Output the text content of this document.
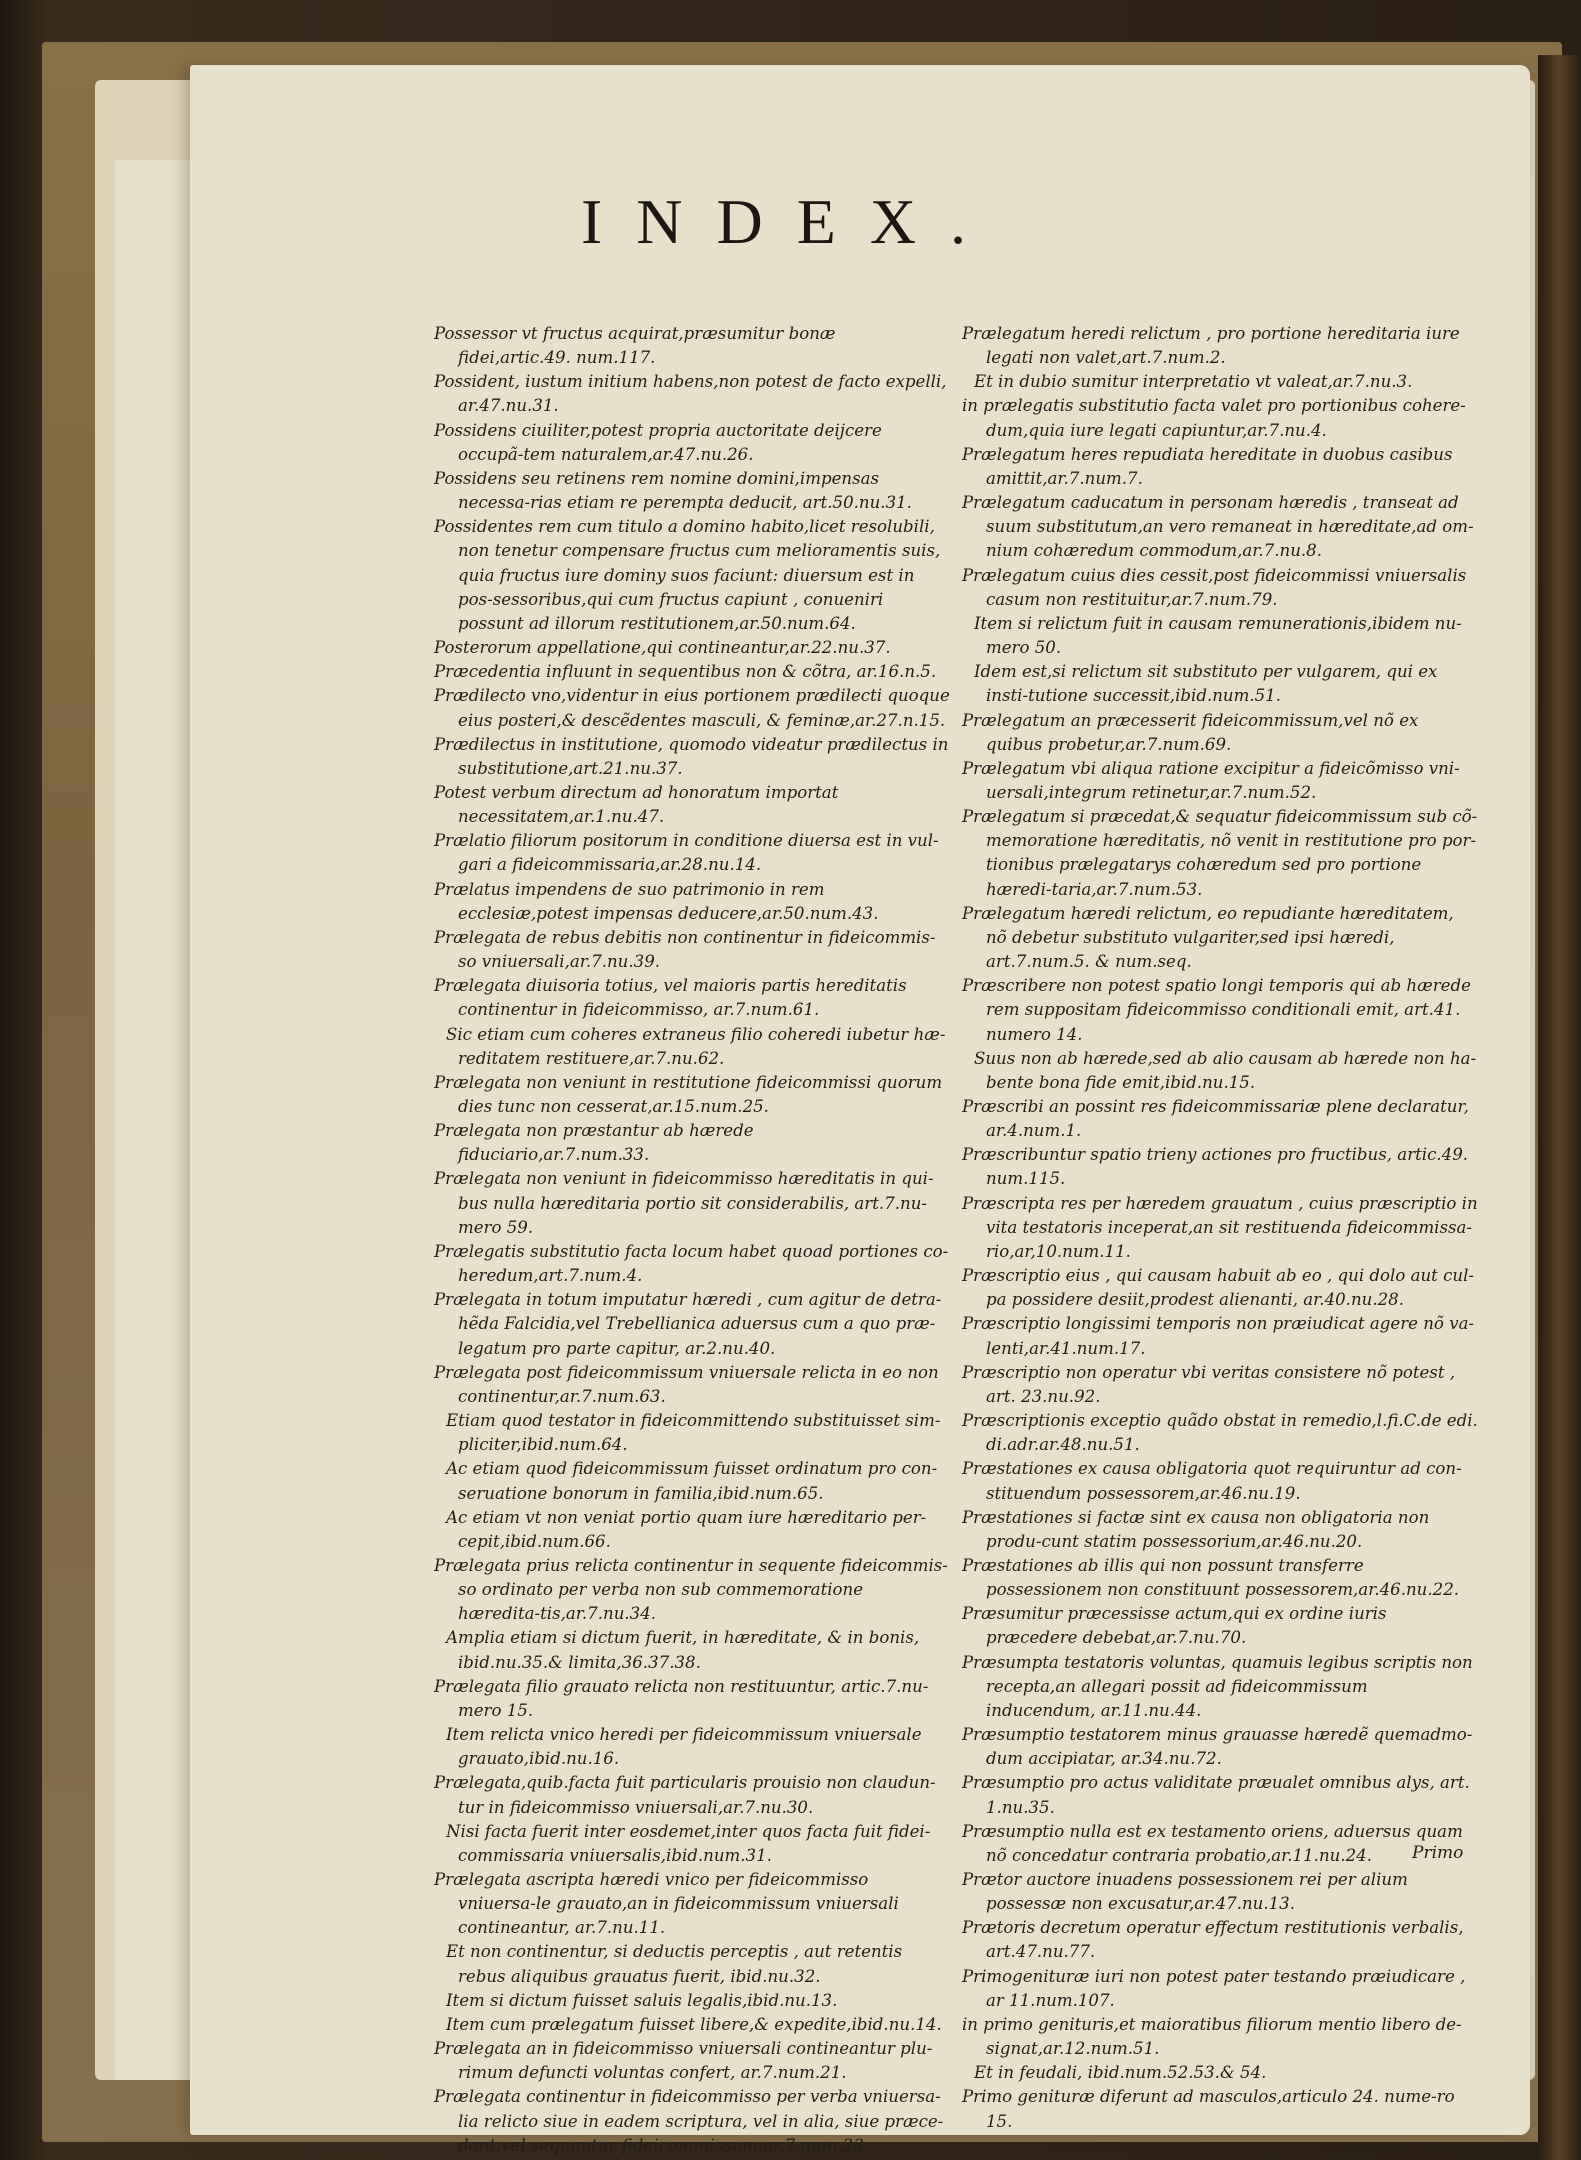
INDEX.

Possessor vt fructus acquirat,præsumitur bonæ fidei,artic.49. num.117.

Possident, iustum initium habens,non potest de facto expelli, ar.47.nu.31.

Possidens ciuiliter,potest propria auctoritate deijcere occupã-tem naturalem,ar.47.nu.26.

Possidens seu retinens rem nomine domini,impensas necessa-rias etiam re perempta deducit, art.50.nu.31.

Possidentes rem cum titulo a domino habito,licet resolubili, non tenetur compensare fructus cum melioramentis suis, quia fructus iure dominy suos faciunt: diuersum est in pos-sessoribus,qui cum fructus capiunt , conueniri possunt ad illorum restitutionem,ar.50.num.64.

Posterorum appellatione,qui contineantur,ar.22.nu.37.

Præcedentia influunt in sequentibus non & cõtra, ar.16.n.5.

Prædilecto vno,videntur in eius portionem prædilecti quoque eius posteri,& descẽdentes masculi, & feminæ,ar.27.n.15.

Prædilectus in institutione, quomodo videatur prædilectus in substitutione,art.21.nu.37.

Potest verbum directum ad honoratum importat necessitatem,ar.1.nu.47.

Prælatio filiorum positorum in conditione diuersa est in vul-gari a fideicommissaria,ar.28.nu.14.

Prælatus impendens de suo patrimonio in rem ecclesiæ,potest impensas deducere,ar.50.num.43.

Prælegata de rebus debitis non continentur in fideicommis-so vniuersali,ar.7.nu.39.

Prælegata diuisoria totius, vel maioris partis hereditatis continentur in fideicommisso, ar.7.num.61.

Sic etiam cum coheres extraneus filio coheredi iubetur hæ-reditatem restituere,ar.7.nu.62.

Prælegata non veniunt in restitutione fideicommissi quorum dies tunc non cesserat,ar.15.num.25.

Prælegata non præstantur ab hærede fiduciario,ar.7.num.33.

Prælegata non veniunt in fideicommisso hæreditatis in qui-bus nulla hæreditaria portio sit considerabilis, art.7.nu-mero 59.

Prælegatis substitutio facta locum habet quoad portiones co-heredum,art.7.num.4.

Prælegata in totum imputatur hæredi , cum agitur de detra-hẽda Falcidia,vel Trebellianica aduersus cum a quo præ-legatum pro parte capitur, ar.2.nu.40.

Prælegata post fideicommissum vniuersale relicta in eo non continentur,ar.7.num.63.

Etiam quod testator in fideicommittendo substituisset sim-pliciter,ibid.num.64.

Ac etiam quod fideicommissum fuisset ordinatum pro con-seruatione bonorum in familia,ibid.num.65.

Ac etiam vt non veniat portio quam iure hæreditario per-cepit,ibid.num.66.

Prælegata prius relicta continentur in sequente fideicommis-so ordinato per verba non sub commemoratione hæredita-tis,ar.7.nu.34.

Amplia etiam si dictum fuerit, in hæreditate, & in bonis, ibid.nu.35.& limita,36.37.38.

Prælegata filio grauato relicta non restituuntur, artic.7.nu-mero 15.

Item relicta vnico heredi per fideicommissum vniuersale grauato,ibid.nu.16.

Prælegata,quib.facta fuit particularis prouisio non claudun-tur in fideicommisso vniuersali,ar.7.nu.30.

Nisi facta fuerit inter eosdemet,inter quos facta fuit fidei-commissaria vniuersalis,ibid.num.31.

Prælegata ascripta hæredi vnico per fideicommisso vniuersa-le grauato,an in fideicommissum vniuersali contineantur, ar.7.nu.11.

Et non continentur, si deductis perceptis , aut retentis rebus aliquibus grauatus fuerit, ibid.nu.32.

Item si dictum fuisset saluis legalis,ibid.nu.13.

Item cum prælegatum fuisset libere,& expedite,ibid.nu.14.

Prælegata an in fideicommisso vniuersali contineantur plu-rimum defuncti voluntas confert, ar.7.num.21.

Prælegata continentur in fideicommisso per verba vniuersa-lia relicto siue in eadem scriptura, vel in alia, siue præce-dant,vel sequantur fideicommissum,ar.7.num.23.

Prælegatum heredi relictum , pro portione hereditaria iure legati non valet,art.7.num.2.

Et in dubio sumitur interpretatio vt valeat,ar.7.nu.3.

in prælegatis substitutio facta valet pro portionibus cohere-dum,quia iure legati capiuntur,ar.7.nu.4.

Prælegatum heres repudiata hereditate in duobus casibus amittit,ar.7.num.7.

Prælegatum caducatum in personam hæredis , transeat ad suum substitutum,an vero remaneat in hæreditate,ad om-nium cohæredum commodum,ar.7.nu.8.

Prælegatum cuius dies cessit,post fideicommissi vniuersalis casum non restituitur,ar.7.num.79.

Item si relictum fuit in causam remunerationis,ibidem nu-mero 50.

Idem est,si relictum sit substituto per vulgarem, qui ex insti-tutione successit,ibid.num.51.

Prælegatum an præcesserit fideicommissum,vel nõ ex quibus probetur,ar.7.num.69.

Prælegatum vbi aliqua ratione excipitur a fideicõmisso vni-uersali,integrum retinetur,ar.7.num.52.

Prælegatum si præcedat,& sequatur fideicommissum sub cõ-memoratione hæreditatis, nõ venit in restitutione pro por-tionibus prælegatarys cohæredum sed pro portione hæredi-taria,ar.7.num.53.

Prælegatum hæredi relictum, eo repudiante hæreditatem, nõ debetur substituto vulgariter,sed ipsi hæredi, art.7.num.5. & num.seq.

Præscribere non potest spatio longi temporis qui ab hærede rem suppositam fideicommisso conditionali emit, art.41. numero 14.

Suus non ab hærede,sed ab alio causam ab hærede non ha-bente bona fide emit,ibid.nu.15.

Præscribi an possint res fideicommissariæ plene declaratur, ar.4.num.1.

Præscribuntur spatio trieny actiones pro fructibus, artic.49. num.115.

Præscripta res per hæredem grauatum , cuius præscriptio in vita testatoris inceperat,an sit restituenda fideicommissa-rio,ar,10.num.11.

Præscriptio eius , qui causam habuit ab eo , qui dolo aut cul-pa possidere desiit,prodest alienanti, ar.40.nu.28.

Præscriptio longissimi temporis non præiudicat agere nõ va-lenti,ar.41.num.17.

Præscriptio non operatur vbi veritas consistere nõ potest , art. 23.nu.92.

Præscriptionis exceptio quãdo obstat in remedio,l.fi.C.de edi. di.adr.ar.48.nu.51.

Præstationes ex causa obligatoria quot requiruntur ad con-stituendum possessorem,ar.46.nu.19.

Præstationes si factæ sint ex causa non obligatoria non produ-cunt statim possessorium,ar.46.nu.20.

Præstationes ab illis qui non possunt transferre possessionem non constituunt possessorem,ar.46.nu.22.

Præsumitur præcessisse actum,qui ex ordine iuris præcedere debebat,ar.7.nu.70.

Præsumpta testatoris voluntas, quamuis legibus scriptis non recepta,an allegari possit ad fideicommissum inducendum, ar.11.nu.44.

Præsumptio testatorem minus grauasse hæredẽ quemadmo-dum accipiatar, ar.34.nu.72.

Præsumptio pro actus validitate præualet omnibus alys, art. 1.nu.35.

Præsumptio nulla est ex testamento oriens, aduersus quam nõ concedatur contraria probatio,ar.11.nu.24.

Prætor auctore inuadens possessionem rei per alium possessæ non excusatur,ar.47.nu.13.

Prætoris decretum operatur effectum restitutionis verbalis, art.47.nu.77.

Primogenituræ iuri non potest pater testando præiudicare , ar 11.num.107.

in primo genituris,et maioratibus filiorum mentio libero de-signat,ar.12.num.51.

Et in feudali, ibid.num.52.53.& 54.

Primo genituræ diferunt ad masculos,articulo 24. nume-ro 15.

Primo
